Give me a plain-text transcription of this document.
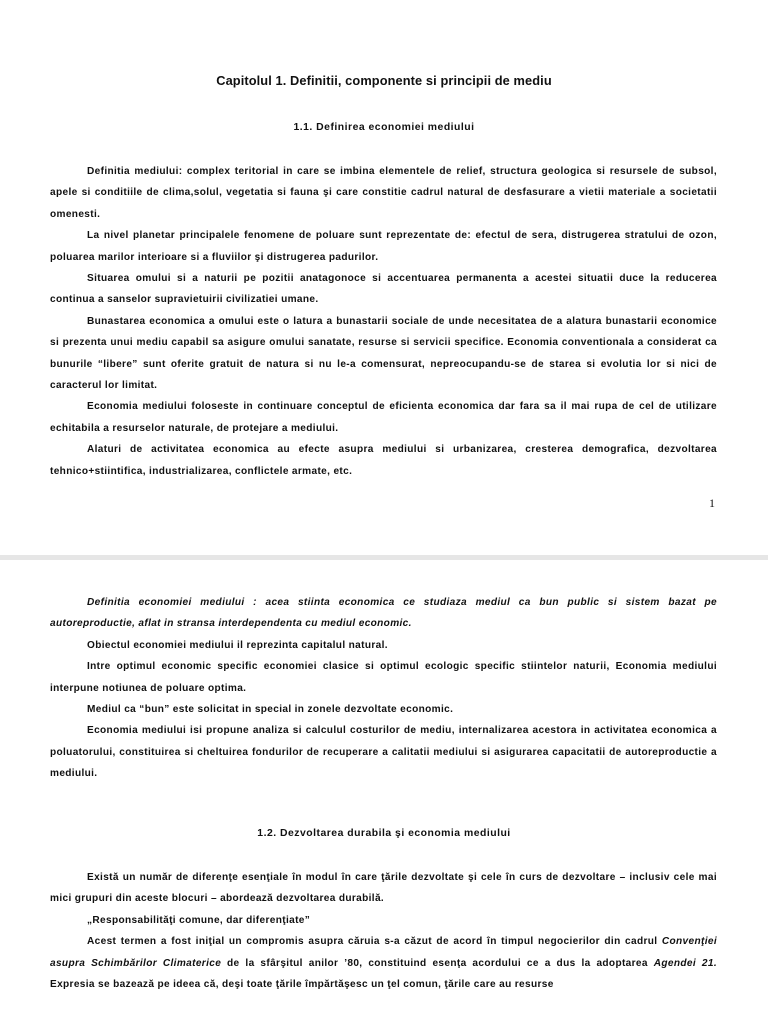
Capitolul 1. Definitii, componente si principii de mediu
1.1. Definirea economiei mediului

Definitia mediului: complex teritorial in care se imbina elementele de relief, structura geologica si resursele de subsol, apele si conditiile de clima,solul, vegetatia si fauna şi care constitie cadrul natural de desfasurare a vietii materiale a societatii omenesti.

La nivel planetar principalele fenomene de poluare sunt reprezentate de: efectul de sera, distrugerea stratului de ozon, poluarea marilor interioare si a fluviilor şi distrugerea padurilor.

Situarea omului si a naturii pe pozitii anatagonoce si accentuarea permanenta a acestei situatii duce la reducerea continua a sanselor supravietuirii civilizatiei umane.

Bunastarea economica a omului este o latura a bunastarii sociale de unde necesitatea de a alatura bunastarii economice si prezenta unui mediu capabil sa asigure omului sanatate, resurse si servicii specifice. Economia conventionala a considerat ca bunurile “libere” sunt oferite gratuit de natura si nu le-a comensurat, nepreocupandu-se de starea si evolutia lor si nici de caracterul lor limitat.

Economia mediului foloseste in continuare conceptul de eficienta economica dar fara sa il mai rupa de cel de utilizare echitabila a resurselor naturale, de protejare a mediului.

Alaturi de activitatea economica au efecte asupra mediului si urbanizarea, cresterea demografica, dezvoltarea tehnico+stiintifica, industrializarea, conflictele armate, etc.

1

Definitia economiei mediului : acea stiinta economica ce studiaza mediul ca bun public si sistem bazat pe autoreproductie, aflat in stransa interdependenta cu mediul economic.

Obiectul economiei mediului il reprezinta capitalul natural.

Intre optimul economic specific economiei clasice si optimul ecologic specific stiintelor naturii, Economia mediului interpune notiunea de poluare optima.

Mediul ca “bun” este solicitat in special in zonele dezvoltate economic.

Economia mediului isi propune analiza si calculul costurilor de mediu, internalizarea acestora in activitatea economica a poluatorului, constituirea si cheltuirea fondurilor de recuperare a calitatii mediului si asigurarea capacitatii de autoreproductie a mediului.

1.2. Dezvoltarea durabila şi economia mediului

Există un număr de diferenţe esenţiale în modul în care ţările dezvoltate şi cele în curs de dezvoltare – inclusiv cele mai mici grupuri din aceste blocuri – abordează dezvoltarea durabilă.

„Responsabilităţi comune, dar diferenţiate”

Acest termen a fost iniţial un compromis asupra căruia s-a căzut de acord în timpul negocierilor din cadrul Convenţiei asupra Schimbărilor Climaterice de la sfârşitul anilor ’80, constituind esenţa acordului ce a dus la adoptarea Agendei 21. Expresia se bazează pe ideea că, deşi toate ţările împărtăşesc un ţel comun, ţările care au resurse
